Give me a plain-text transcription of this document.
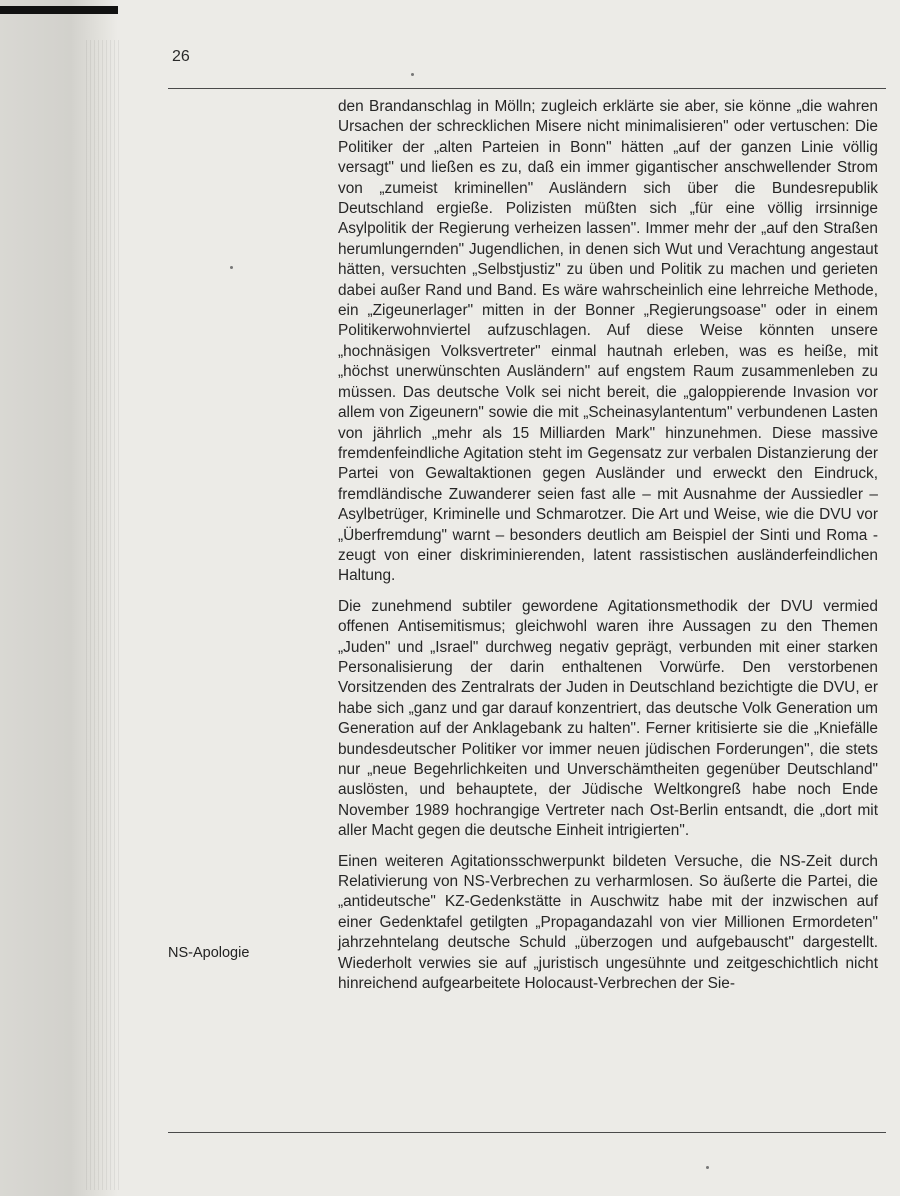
26
NS-Apologie

den Brandanschlag in Mölln; zugleich erklärte sie aber, sie könne „die wahren Ursachen der schrecklichen Misere nicht minimalisieren" oder vertuschen: Die Politiker der „alten Parteien in Bonn" hätten „auf der ganzen Linie völlig versagt" und ließen es zu, daß ein immer gigantischer anschwellender Strom von „zumeist kriminellen" Ausländern sich über die Bundesrepublik Deutschland ergieße. Polizisten müßten sich „für eine völlig irrsinnige Asylpolitik der Regierung verheizen lassen". Immer mehr der „auf den Straßen herumlungernden" Jugendlichen, in denen sich Wut und Verachtung angestaut hätten, versuchten „Selbstjustiz" zu üben und Politik zu machen und gerieten dabei außer Rand und Band. Es wäre wahrscheinlich eine lehrreiche Methode, ein „Zigeunerlager" mitten in der Bonner „Regierungsoase" oder in einem Politikerwohnviertel aufzuschlagen. Auf diese Weise könnten unsere „hochnäsigen Volksvertreter" einmal hautnah erleben, was es heiße, mit „höchst unerwünschten Ausländern" auf engstem Raum zusammenleben zu müssen. Das deutsche Volk sei nicht bereit, die „galoppierende Invasion vor allem von Zigeunern" sowie die mit „Scheinasylantentum" verbundenen Lasten von jährlich „mehr als 15 Milliarden Mark" hinzunehmen. Diese massive fremdenfeindliche Agitation steht im Gegensatz zur verbalen Distanzierung der Partei von Gewaltaktionen gegen Ausländer und erweckt den Eindruck, fremdländische Zuwanderer seien fast alle – mit Ausnahme der Aussiedler – Asylbetrüger, Kriminelle und Schmarotzer. Die Art und Weise, wie die DVU vor „Überfremdung" warnt – besonders deutlich am Beispiel der Sinti und Roma - zeugt von einer diskriminierenden, latent rassistischen ausländerfeindlichen Haltung.

Die zunehmend subtiler gewordene Agitationsmethodik der DVU vermied offenen Antisemitismus; gleichwohl waren ihre Aussagen zu den Themen „Juden" und „Israel" durchweg negativ geprägt, verbunden mit einer starken Personalisierung der darin enthaltenen Vorwürfe. Den verstorbenen Vorsitzenden des Zentralrats der Juden in Deutschland bezichtigte die DVU, er habe sich „ganz und gar darauf konzentriert, das deutsche Volk Generation um Generation auf der Anklagebank zu halten". Ferner kritisierte sie die „Kniefälle bundesdeutscher Politiker vor immer neuen jüdischen Forderungen", die stets nur „neue Begehrlichkeiten und Unverschämtheiten gegenüber Deutschland" auslösten, und behauptete, der Jüdische Weltkongreß habe noch Ende November 1989 hochrangige Vertreter nach Ost-Berlin entsandt, die „dort mit aller Macht gegen die deutsche Einheit intrigierten".

Einen weiteren Agitationsschwerpunkt bildeten Versuche, die NS-Zeit durch Relativierung von NS-Verbrechen zu verharmlosen. So äußerte die Partei, die „antideutsche" KZ-Gedenkstätte in Auschwitz habe mit der inzwischen auf einer Gedenktafel getilgten „Propagandazahl von vier Millionen Ermordeten" jahrzehntelang deutsche Schuld „überzogen und aufgebauscht" dargestellt. Wiederholt verwies sie auf „juristisch ungesühnte und zeitgeschichtlich nicht hinreichend aufgearbeitete Holocaust-Verbrechen der Sie-
